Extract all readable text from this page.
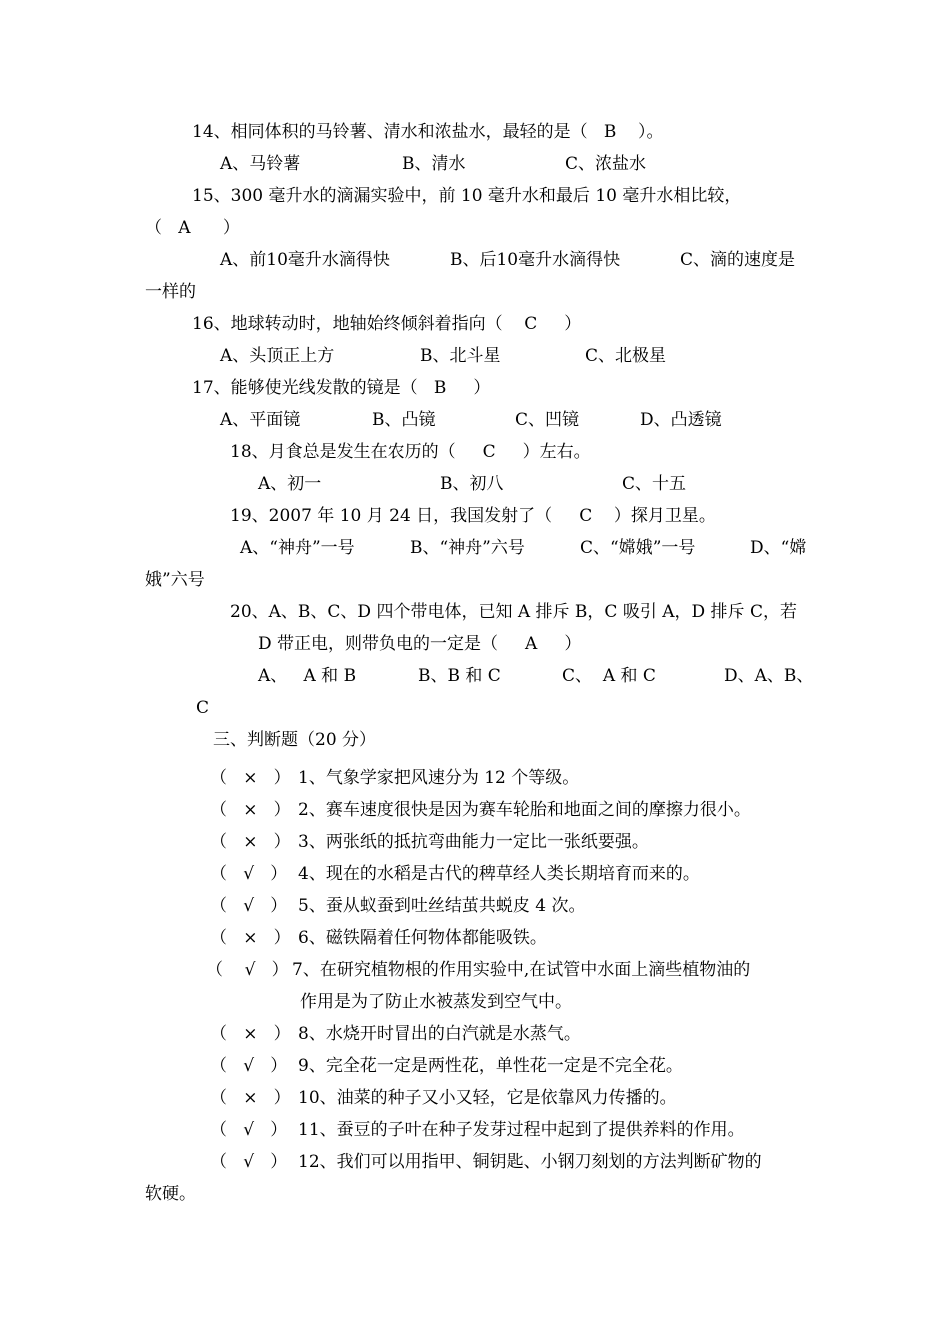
14、相同体积的马铃薯、清水和浓盐水，最轻的是（   B    ）。
A、马铃薯	B、清水	C、浓盐水
15、300 毫升水的滴漏实验中，前 10 毫升水和最后 10 毫升水相比较，
（   A      ）
A、前10毫升水滴得快	B、后10毫升水滴得快	C、滴的速度是
一样的
16、地球转动时，地轴始终倾斜着指向（    C     ）
A、头顶正上方	B、北斗星	C、北极星
17、能够使光线发散的镜是（   B     ）
A、平面镜	B、凸镜	C、凹镜	D、凸透镜
18、月食总是发生在农历的（     C     ）左右。
A、初一	B、初八	C、十五
19、2007 年 10 月 24 日，我国发射了（     C    ）探月卫星。
A、“神舟”一号	B、“神舟”六号	C、“嫦娥”一号	D、“嫦
娥”六号
20、A、B、C、D 四个带电体，已知 A 排斥 B，C 吸引 A，D 排斥 C，若
D 带正电，则带负电的一定是（     A     ）
A、   A 和 B	B、B 和 C	C、  A 和 C	D、A、B、
C
三、判断题（20 分）
（   ×   ） 1、气象学家把风速分为 12 个等级。
（   ×   ） 2、赛车速度很快是因为赛车轮胎和地面之间的摩擦力很小。
（   ×   ） 3、两张纸的抵抗弯曲能力一定比一张纸要强。
（   √   ） 4、现在的水稻是古代的稗草经人类长期培育而来的。
（   √   ） 5、蚕从蚁蚕到吐丝结茧共蜕皮 4 次。
（   ×   ） 6、磁铁隔着任何物体都能吸铁。
（    √   ） 7、在研究植物根的作用实验中,在试管中水面上滴些植物油的
作用是为了防止水被蒸发到空气中。
（   ×   ） 8、水烧开时冒出的白汽就是水蒸气。
（   √   ） 9、完全花一定是两性花，单性花一定是不完全花。
（   ×   ） 10、油菜的种子又小又轻，它是依靠风力传播的。
（   √   ） 11、蚕豆的子叶在种子发芽过程中起到了提供养料的作用。
（   √   ） 12、我们可以用指甲、铜钥匙、小钢刀刻划的方法判断矿物的
软硬。
